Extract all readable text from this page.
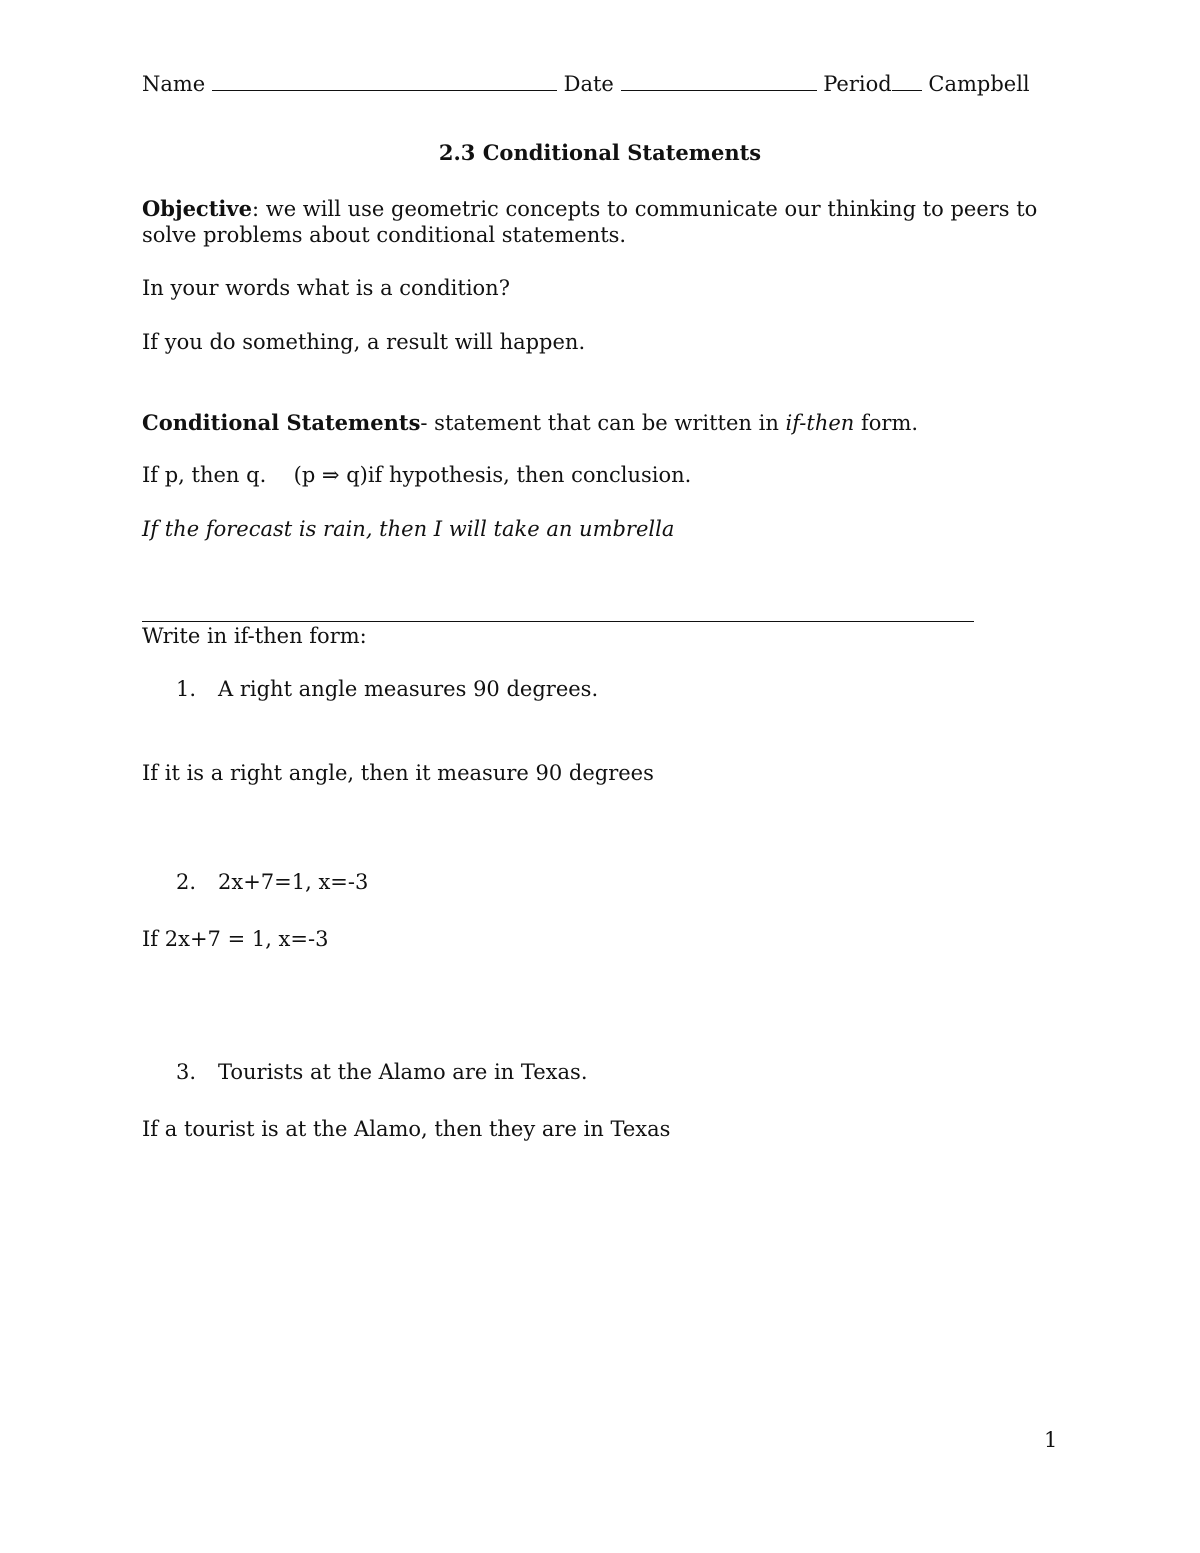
Name	Date	Period Campbell
2.3 Conditional Statements
Objective: we will use geometric concepts to communicate our thinking to peers to
solve problems about conditional statements.
In your words what is a condition?
If you do something, a result will happen.
Conditional Statements- statement that can be written in if-then form.
If p, then q. (p ⇒ q)if hypothesis, then conclusion.
If the forecast is rain, then I will take an umbrella
Write in if-then form:
1. A right angle measures 90 degrees.
If it is a right angle, then it measure 90 degrees
2. 2x+7=1, x=-3
If 2x+7 = 1, x=-3
3. Tourists at the Alamo are in Texas.
If a tourist is at the Alamo, then they are in Texas
1
